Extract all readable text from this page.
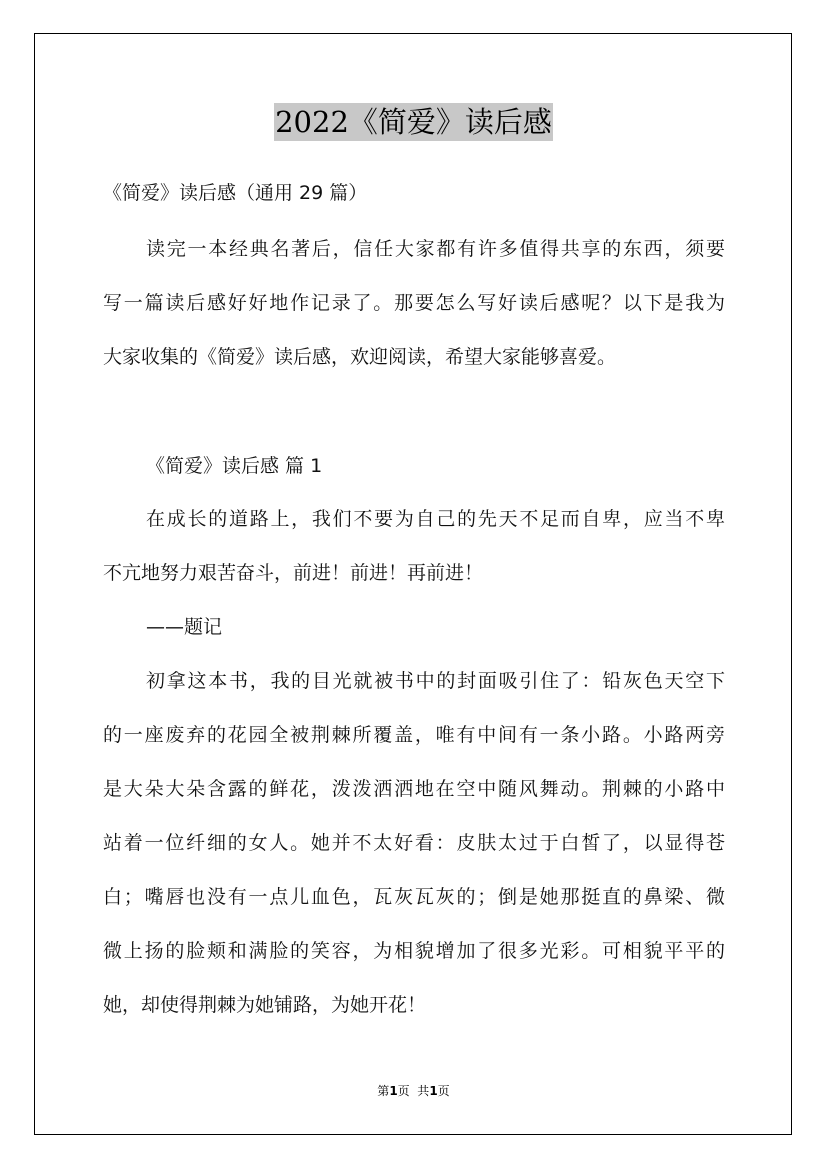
2022《简爱》读后感
《简爱》读后感（通用 29 篇）
读完一本经典名著后，信任大家都有许多值得共享的东西，须要
写一篇读后感好好地作记录了。那要怎么写好读后感呢？以下是我为
大家收集的《简爱》读后感，欢迎阅读，希望大家能够喜爱。
《简爱》读后感 篇 1
在成长的道路上，我们不要为自己的先天不足而自卑，应当不卑
不亢地努力艰苦奋斗，前进！前进！再前进！
——题记
初拿这本书，我的目光就被书中的封面吸引住了：铅灰色天空下
的一座废弃的花园全被荆棘所覆盖，唯有中间有一条小路。小路两旁
是大朵大朵含露的鲜花，泼泼洒洒地在空中随风舞动。荆棘的小路中
站着一位纤细的女人。她并不太好看：皮肤太过于白皙了，以显得苍
白；嘴唇也没有一点儿血色，瓦灰瓦灰的；倒是她那挺直的鼻梁、微
微上扬的脸颊和满脸的笑容，为相貌增加了很多光彩。可相貌平平的
她，却使得荆棘为她铺路，为她开花！
第1页  共1页
